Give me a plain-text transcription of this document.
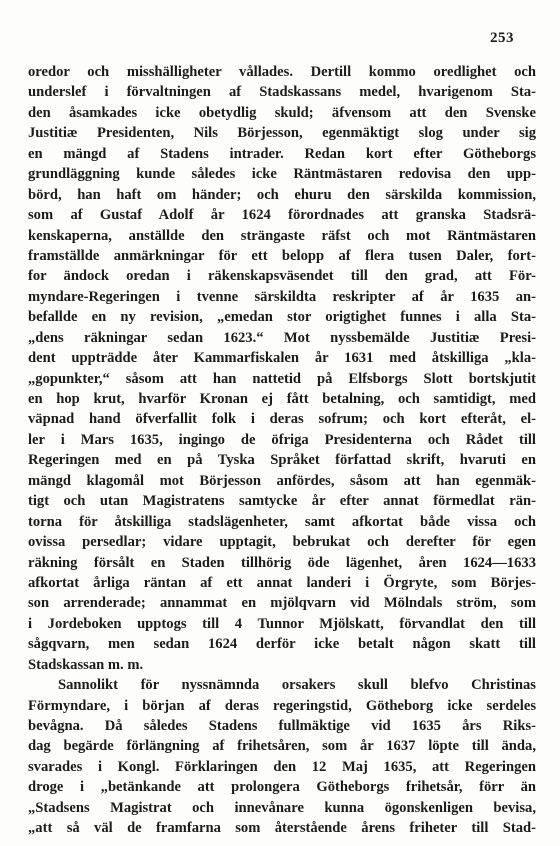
253
oredor och misshälligheter vållades. Dertill kommo oredlighet och
underslef i förvaltningen af Stadskassans medel, hvarigenom Sta-
den åsamkades icke obetydlig skuld; äfvensom att den Svenske
Justitiæ Presidenten, Nils Börjesson, egenmäktigt slog under sig
en mängd af Stadens intrader. Redan kort efter Götheborgs
grundläggning kunde således icke Räntmästaren redovisa den upp-
börd, han haft om händer; och ehuru den särskilda kommission,
som af Gustaf Adolf år 1624 förordnades att granska Stadsrä-
kenskaperna, anställde den strängaste räfst och mot Räntmästaren
framställde anmärkningar för ett belopp af flera tusen Daler, fort-
for ändock oredan i räkenskapsväsendet till den grad, att För-
myndare-Regeringen i tvenne särskildta reskripter af år 1635 an-
befallde en ny revision, „emedan stor origtighet funnes i alla Sta-
„dens räkningar sedan 1623.“ Mot nyssbemälde Justitiæ Presi-
dent uppträdde åter Kammarfiskalen år 1631 med åtskilliga „kla-
„gopunkter,“ såsom att han nattetid på Elfsborgs Slott bortskjutit
en hop krut, hvarför Kronan ej fått betalning, och samtidigt, med
väpnad hand öfverfallit folk i deras sofrum; och kort efteråt, el-
ler i Mars 1635, ingingo de öfriga Presidenterna och Rådet till
Regeringen med en på Tyska Språket författad skrift, hvaruti en
mängd klagomål mot Börjesson anfördes, såsom att han egenmäk-
tigt och utan Magistratens samtycke år efter annat förmedlat rän-
torna för åtskilliga stadslägenheter, samt afkortat både vissa och
ovissa persedlar; vidare upptagit, bebrukat och derefter för egen
räkning försålt en Staden tillhörig öde lägenhet, åren 1624—1633
afkortat årliga räntan af ett annat landeri i Örgryte, som Börjes-
son arrenderade; annammat en mjölqvarn vid Mölndals ström, som
i Jordeboken upptogs till 4 Tunnor Mjölskatt, förvandlat den till
sågqvarn, men sedan 1624 derför icke betalt någon skatt till
Stadskassan m. m.
Sannolikt för nyssnämnda orsakers skull blefvo Christinas
Förmyndare, i början af deras regeringstid, Götheborg icke serdeles
bevågna. Då således Stadens fullmäktige vid 1635 års Riks-
dag begärde förlängning af frihetsåren, som år 1637 löpte till ända,
svarades i Kongl. Förklaringen den 12 Maj 1635, att Regeringen
droge i „betänkande att prolongera Götheborgs frihetsår, förr än
„Stadsens Magistrat och innevånare kunna ögonskenligen bevisa,
„att så väl de framfarna som återstående årens friheter till Stad-
